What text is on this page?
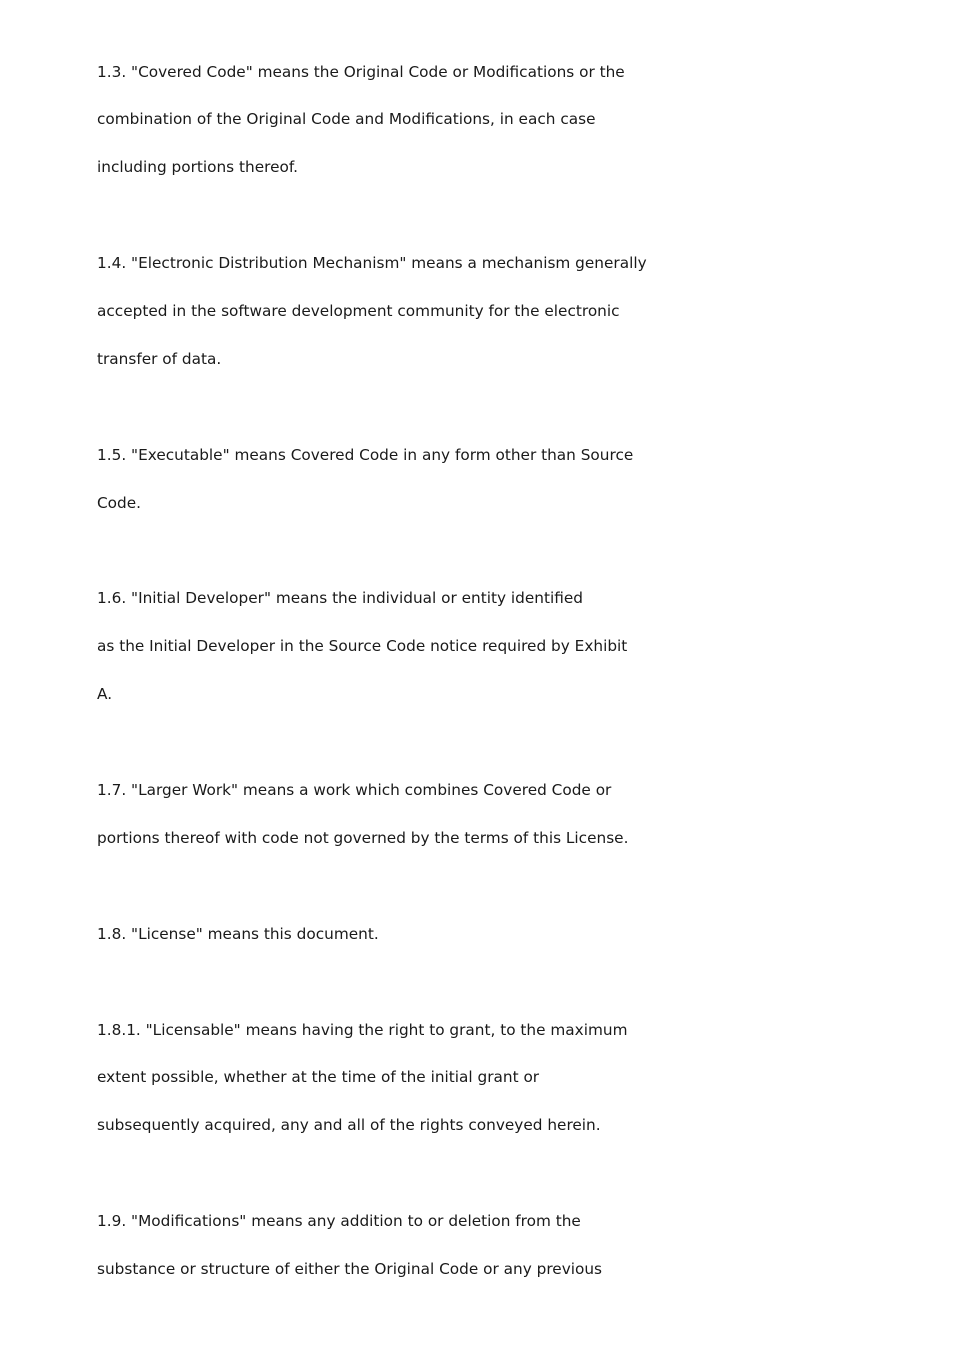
1.3. "Covered Code" means the Original Code or Modifications or the

combination of the Original Code and Modifications, in each case

including portions thereof.

1.4. "Electronic Distribution Mechanism" means a mechanism generally

accepted in the software development community for the electronic

transfer of data.

1.5. "Executable" means Covered Code in any form other than Source

Code.

1.6. "Initial Developer" means the individual or entity identified

as the Initial Developer in the Source Code notice required by Exhibit

A.

1.7. "Larger Work" means a work which combines Covered Code or

portions thereof with code not governed by the terms of this License.

1.8. "License" means this document.

1.8.1. "Licensable" means having the right to grant, to the maximum

extent possible, whether at the time of the initial grant or

subsequently acquired, any and all of the rights conveyed herein.

1.9. "Modifications" means any addition to or deletion from the

substance or structure of either the Original Code or any previous
